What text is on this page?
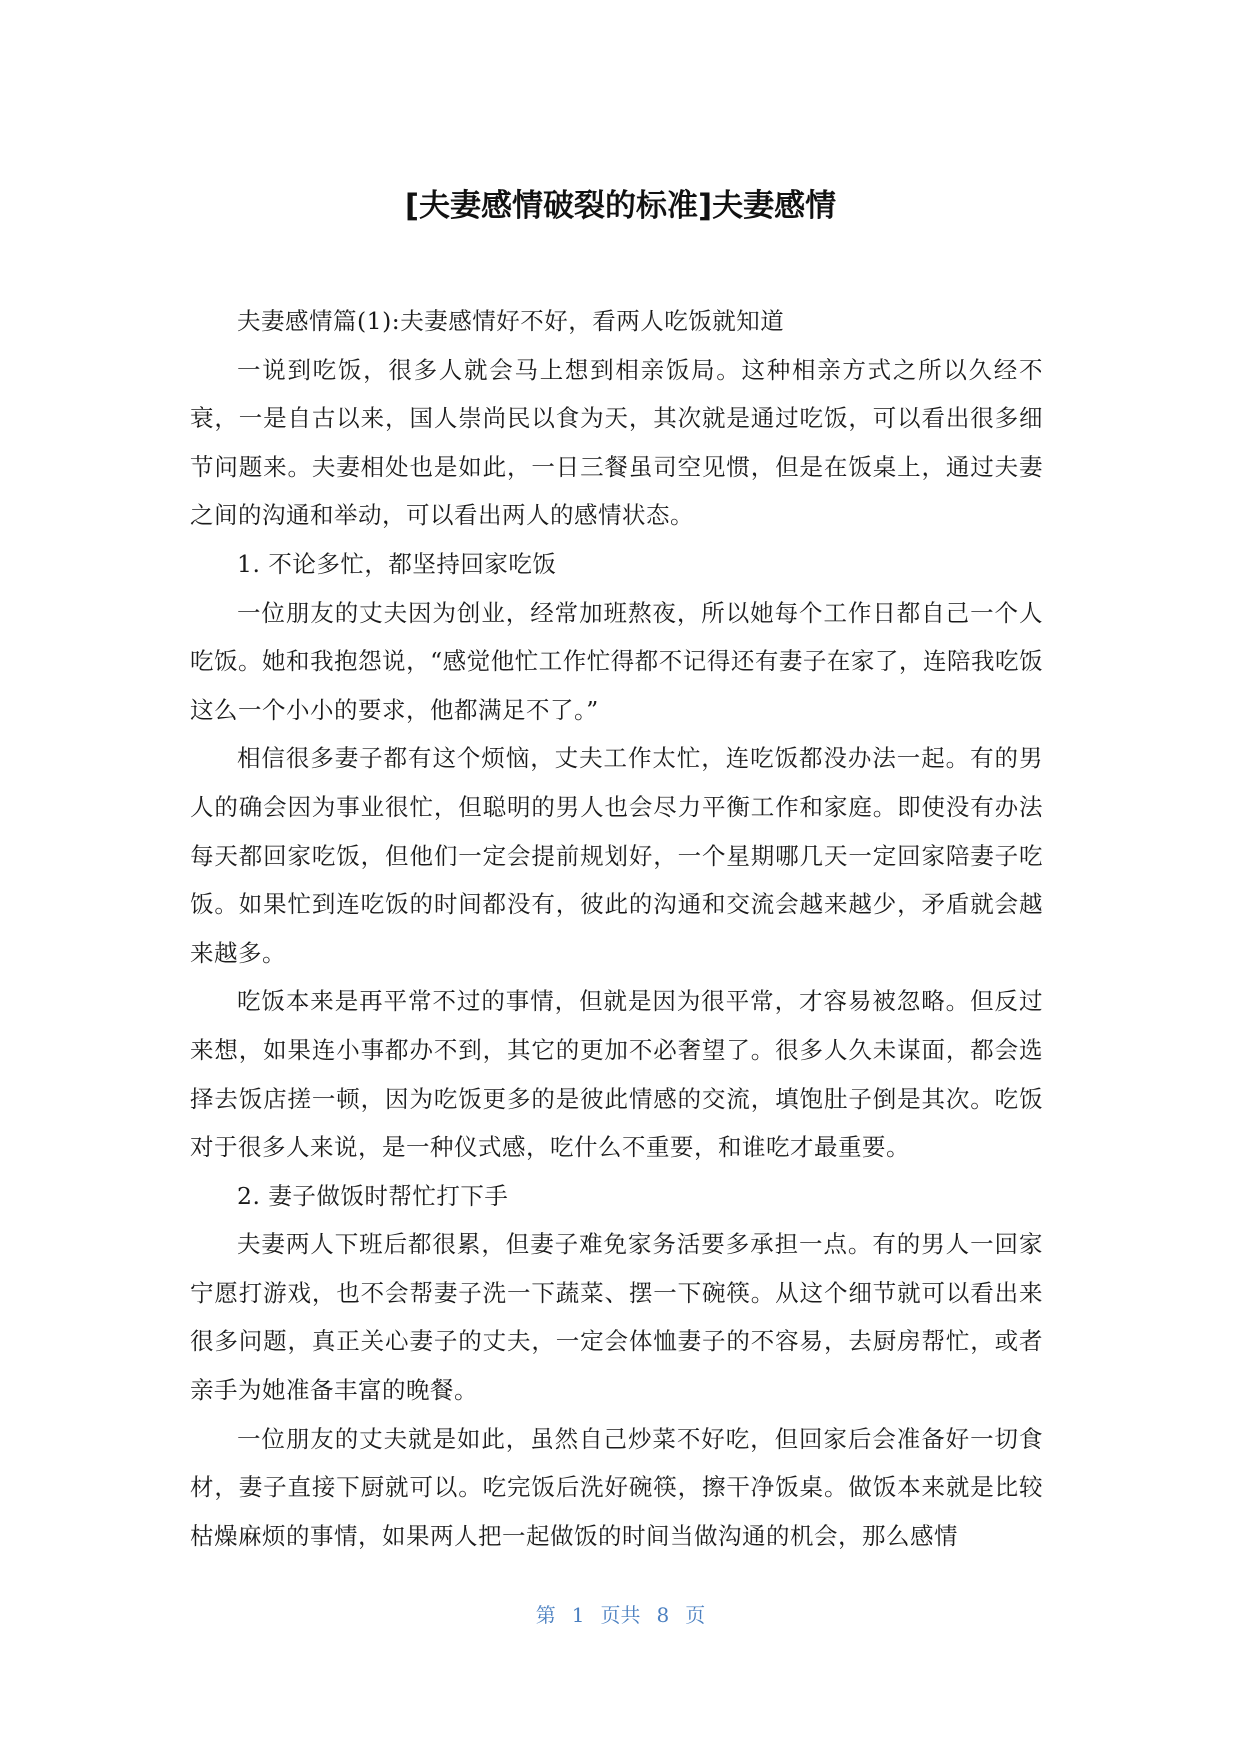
[夫妻感情破裂的标准]夫妻感情

夫妻感情篇(1):夫妻感情好不好，看两人吃饭就知道

一说到吃饭，很多人就会马上想到相亲饭局。这种相亲方式之所以久经不衰，一是自古以来，国人崇尚民以食为天，其次就是通过吃饭，可以看出很多细节问题来。夫妻相处也是如此，一日三餐虽司空见惯，但是在饭桌上，通过夫妻之间的沟通和举动，可以看出两人的感情状态。

1. 不论多忙，都坚持回家吃饭

一位朋友的丈夫因为创业，经常加班熬夜，所以她每个工作日都自己一个人吃饭。她和我抱怨说，“感觉他忙工作忙得都不记得还有妻子在家了，连陪我吃饭这么一个小小的要求，他都满足不了。”

相信很多妻子都有这个烦恼，丈夫工作太忙，连吃饭都没办法一起。有的男人的确会因为事业很忙，但聪明的男人也会尽力平衡工作和家庭。即使没有办法每天都回家吃饭，但他们一定会提前规划好，一个星期哪几天一定回家陪妻子吃饭。如果忙到连吃饭的时间都没有，彼此的沟通和交流会越来越少，矛盾就会越来越多。

吃饭本来是再平常不过的事情，但就是因为很平常，才容易被忽略。但反过来想，如果连小事都办不到，其它的更加不必奢望了。很多人久未谋面，都会选择去饭店搓一顿，因为吃饭更多的是彼此情感的交流，填饱肚子倒是其次。吃饭对于很多人来说，是一种仪式感，吃什么不重要，和谁吃才最重要。

2. 妻子做饭时帮忙打下手

夫妻两人下班后都很累，但妻子难免家务活要多承担一点。有的男人一回家宁愿打游戏，也不会帮妻子洗一下蔬菜、摆一下碗筷。从这个细节就可以看出来很多问题，真正关心妻子的丈夫，一定会体恤妻子的不容易，去厨房帮忙，或者亲手为她准备丰富的晚餐。

一位朋友的丈夫就是如此，虽然自己炒菜不好吃，但回家后会准备好一切食材，妻子直接下厨就可以。吃完饭后洗好碗筷，擦干净饭桌。做饭本来就是比较枯燥麻烦的事情，如果两人把一起做饭的时间当做沟通的机会，那么感情

第 1 页共 8 页
